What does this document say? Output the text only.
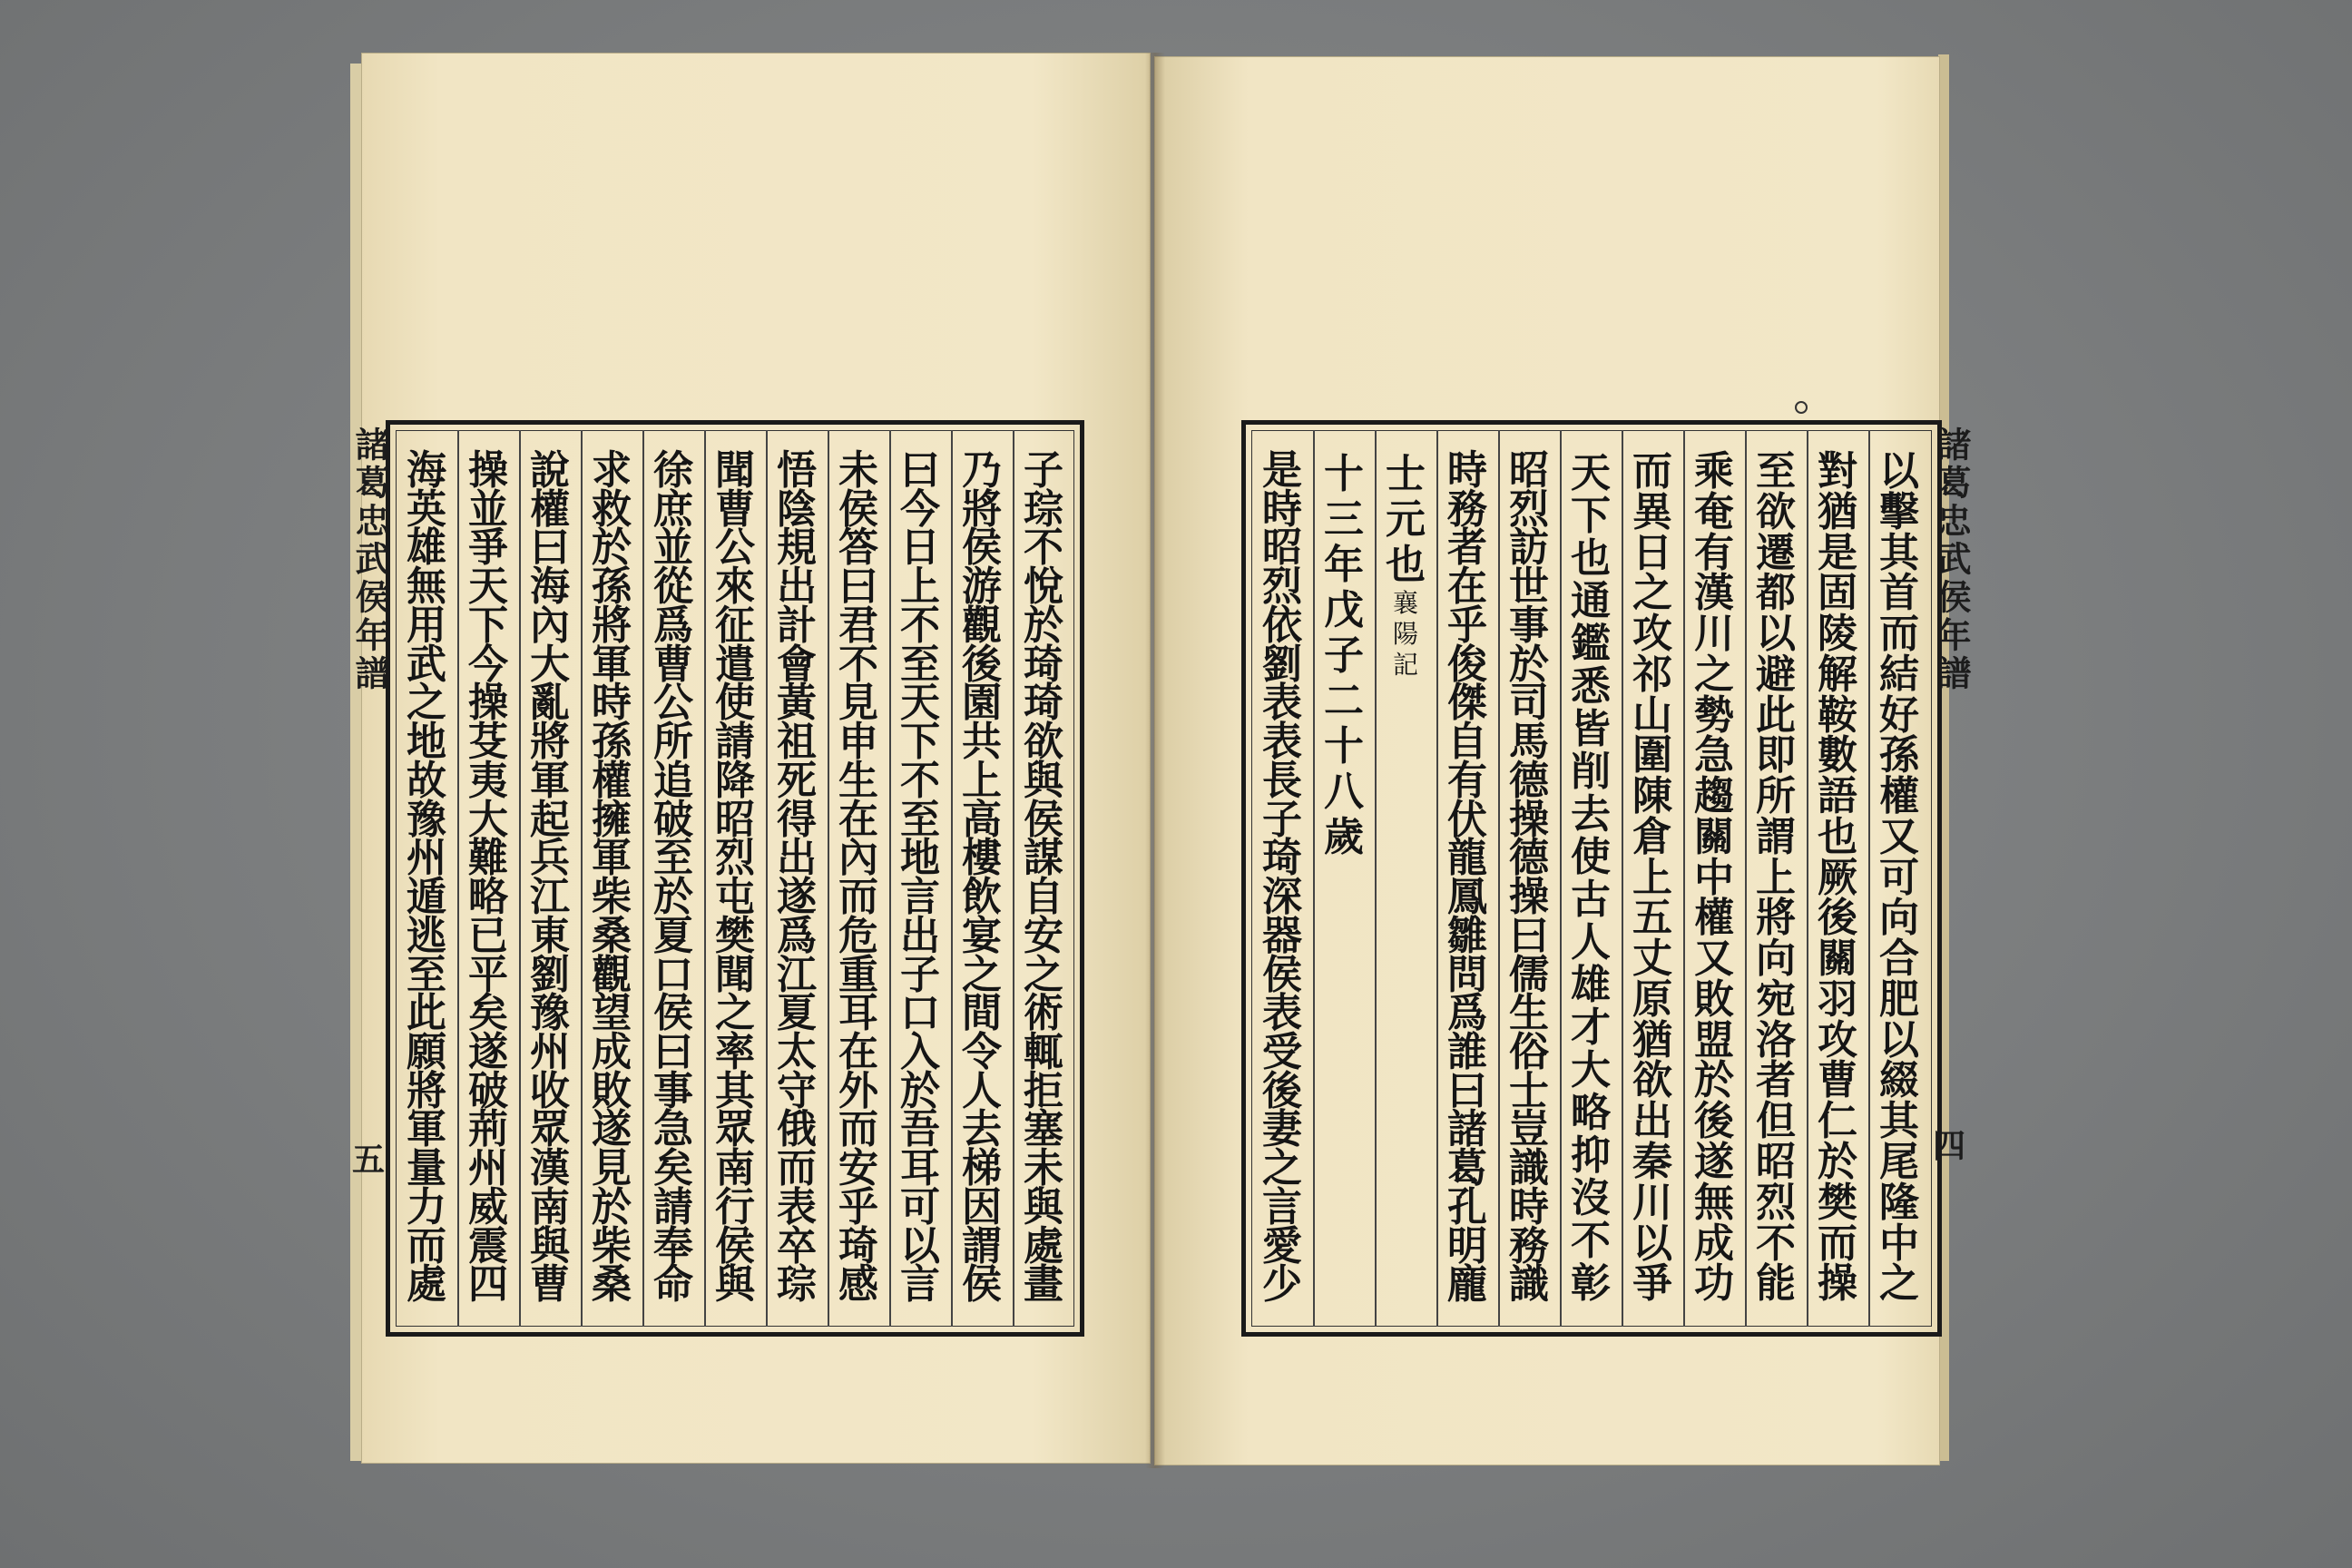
諸葛忠武侯年譜
五
子
琮
不
悅
於
琦
琦
欲
與
侯
謀
自
安
之
術
輒
拒
塞
未
與
處
畫
乃
將
侯
游
觀
後
園
共
上
高
樓
飲
宴
之
間
令
人
去
梯
因
謂
侯
曰
今
日
上
不
至
天
下
不
至
地
言
出
子
口
入
於
吾
耳
可
以
言
未
侯
答
曰
君
不
見
申
生
在
內
而
危
重
耳
在
外
而
安
乎
琦
感
悟
陰
規
出
計
會
黃
祖
死
得
出
遂
爲
江
夏
太
守
俄
而
表
卒
琮
聞
曹
公
來
征
遣
使
請
降
昭
烈
屯
樊
聞
之
率
其
眾
南
行
侯
與
徐
庶
並
從
爲
曹
公
所
追
破
至
於
夏
口
侯
曰
事
急
矣
請
奉
命
求
救
於
孫
將
軍
時
孫
權
擁
軍
柴
桑
觀
望
成
敗
遂
見
於
柴
桑
說
權
曰
海
內
大
亂
將
軍
起
兵
江
東
劉
豫
州
收
眾
漢
南
與
曹
操
並
爭
天
下
今
操
芟
夷
大
難
略
已
平
矣
遂
破
荊
州
威
震
四
海
英
雄
無
用
武
之
地
故
豫
州
遁
逃
至
此
願
將
軍
量
力
而
處
諸葛忠武侯年譜
四
以
擊
其
首
而
結
好
孫
權
又
可
向
合
肥
以
綴
其
尾
隆
中
之
對
猶
是
固
陵
解
鞍
數
語
也
厥
後
關
羽
攻
曹
仁
於
樊
而
操
至
欲
遷
都
以
避
此
即
所
謂
上
將
向
宛
洛
者
但
昭
烈
不
能
乘
奄
有
漢
川
之
勢
急
趨
關
中
權
又
敗
盟
於
後
遂
無
成
功
而
異
日
之
攻
祁
山
圍
陳
倉
上
五
丈
原
猶
欲
出
秦
川
以
爭
天
下
也
通
鑑
悉
皆
削
去
使
古
人
雄
才
大
略
抑
沒
不
彰
昭
烈
訪
世
事
於
司
馬
德
操
德
操
曰
儒
生
俗
士
豈
識
時
務
識
時
務
者
在
乎
俊
傑
自
有
伏
龍
鳳
雛
問
爲
誰
曰
諸
葛
孔
明
龐
士
元
也
襄
陽
記
十
三
年
戊
子
二
十
八
歲
是
時
昭
烈
依
劉
表
表
長
子
琦
深
器
侯
表
受
後
妻
之
言
愛
少
